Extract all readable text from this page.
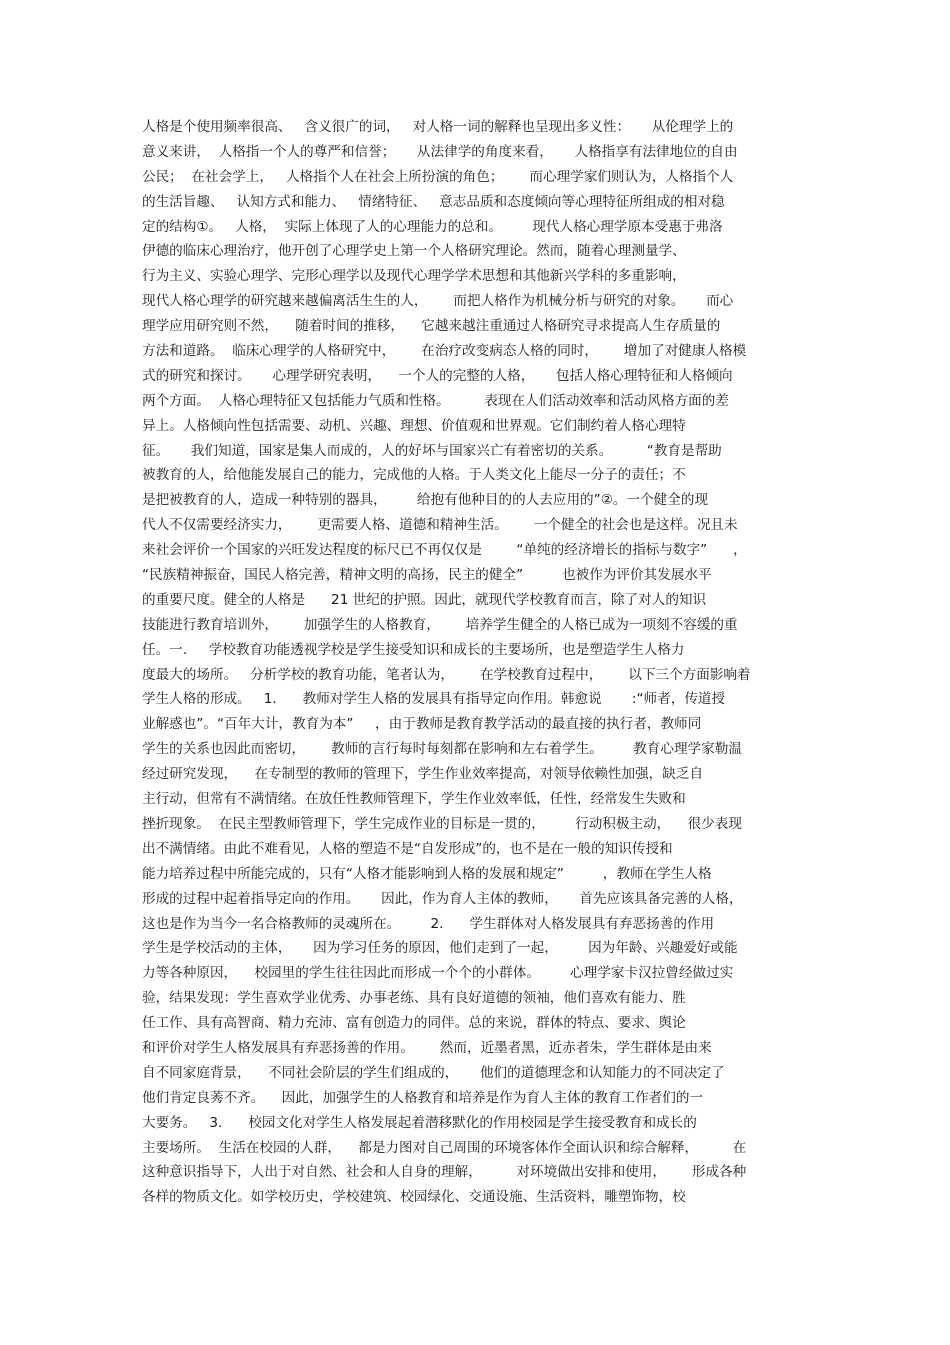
人格是个使用频率很高、   含义很广的词，   对人格一词的解释也呈现出多义性：     从伦理学上的
意义来讲，  人格指一个人的尊严和信誉；     从法律学的角度来看，     人格指享有法律地位的自由
公民；  在社会学上，   人格指个人在社会上所扮演的角色；      而心理学家们则认为，人格指个人
的生活旨趣、   认知方式和能力、   情绪特征、   意志品质和态度倾向等心理特征所组成的相对稳
定的结构①。   人格，  实际上体现了人的心理能力的总和。       现代人格心理学原本受惠于弗洛
伊德的临床心理治疗，他开创了心理学史上第一个人格研究理论。然而，随着心理测量学、
行为主义、实验心理学、完形心理学以及现代心理学学术思想和其他新兴学科的多重影响，
现代人格心理学的研究越来越偏离活生生的人，      而把人格作为机械分析与研究的对象。     而心
理学应用研究则不然，    随着时间的推移，    它越来越注重通过人格研究寻求提高人生存质量的
方法和道路。  临床心理学的人格研究中，      在治疗改变病态人格的同时，      增加了对健康人格模
式的研究和探讨。     心理学研究表明，    一个人的完整的人格，     包括人格心理特征和人格倾向
两个方面。  人格心理特征又包括能力气质和性格。        表现在人们活动效率和活动风格方面的差
异上。人格倾向性包括需要、动机、兴趣、理想、价值观和世界观。它们制约着人格心理特
征。     我们知道，国家是集人而成的，人的好坏与国家兴亡有着密切的关系。        “教育是帮助
被教育的人，给他能发展自己的能力，完成他的人格。于人类文化上能尽一分子的责任；不
是把被教育的人，造成一种特别的器具，       给抱有他种目的的人去应用的”②。一个健全的现
代人不仅需要经济实力，      更需要人格、道德和精神生活。      一个健全的社会也是这样。况且未
来社会评价一个国家的兴旺发达程度的标尺已不再仅仅是        “单纯的经济增长的指标与数字”      ，
“民族精神振奋，国民人格完善，精神文明的高扬，民主的健全”         也被作为评价其发展水平
的重要尺度。健全的人格是      21 世纪的护照。因此，就现代学校教育而言，除了对人的知识
技能进行教育培训外，      加强学生的人格教育，      培养学生健全的人格已成为一项刻不容缓的重
任。一.     学校教育功能透视学校是学生接受知识和成长的主要场所，也是塑造学生人格力
度最大的场所。   分析学校的教育功能，笔者认为，      在学校教育过程中，      以下三个方面影响着
学生人格的形成。   1.      教师对学生人格的发展具有指导定向作用。韩愈说       :“师者，传道授
业解惑也”。“百年大计，教育为本”     ，由于教师是教育教学活动的最直接的执行者，教师同
学生的关系也因此而密切，      教师的言行每时每刻都在影响和左右着学生。       教育心理学家勒温
经过研究发现，    在专制型的教师的管理下，学生作业效率提高，对领导依赖性加强，缺乏自
主行动，但常有不满情绪。在放任性教师管理下，学生作业效率低，任性，经常发生失败和
挫折现象。  在民主型教师管理下，学生完成作业的目标是一贯的，       行动积极主动，    很少表现
出不满情绪。由此不难看见，人格的塑造不是“自发形成”的，也不是在一般的知识传授和
能力培养过程中所能完成的，只有“人格才能影响到人格的发展和规定”         ，教师在学生人格
形成的过程中起着指导定向的作用。     因此，作为育人主体的教师，     首先应该具备完善的人格，
这也是作为当今一名合格教师的灵魂所在。       2.      学生群体对人格发展具有弃恶扬善的作用
学生是学校活动的主体，     因为学习任务的原因，他们走到了一起，       因为年龄、兴趣爱好或能
力等各种原因，    校园里的学生往往因此而形成一个个的小群体。       心理学家卡汉拉曾经做过实
验，结果发现：学生喜欢学业优秀、办事老练、具有良好道德的领袖，他们喜欢有能力、胜
任工作、具有高智商、精力充沛、富有创造力的同伴。总的来说，群体的特点、要求、舆论
和评价对学生人格发展具有弃恶扬善的作用。      然而，近墨者黑，近赤者朱，学生群体是由来
自不同家庭背景，    不同社会阶层的学生们组成的，     他们的道德理念和认知能力的不同决定了
他们肯定良莠不齐。    因此，加强学生的人格教育和培养是作为育人主体的教育工作者们的一
大要务。   3.      校园文化对学生人格发展起着潜移默化的作用校园是学生接受教育和成长的
主要场所。  生活在校园的人群，    都是力图对自己周围的环境客体作全面认识和综合解释，        在
这种意识指导下，人出于对自然、社会和人自身的理解，        对环境做出安排和使用，      形成各种
各样的物质文化。如学校历史，学校建筑、校园绿化、交通设施、生活资料，雕塑饰物，校
